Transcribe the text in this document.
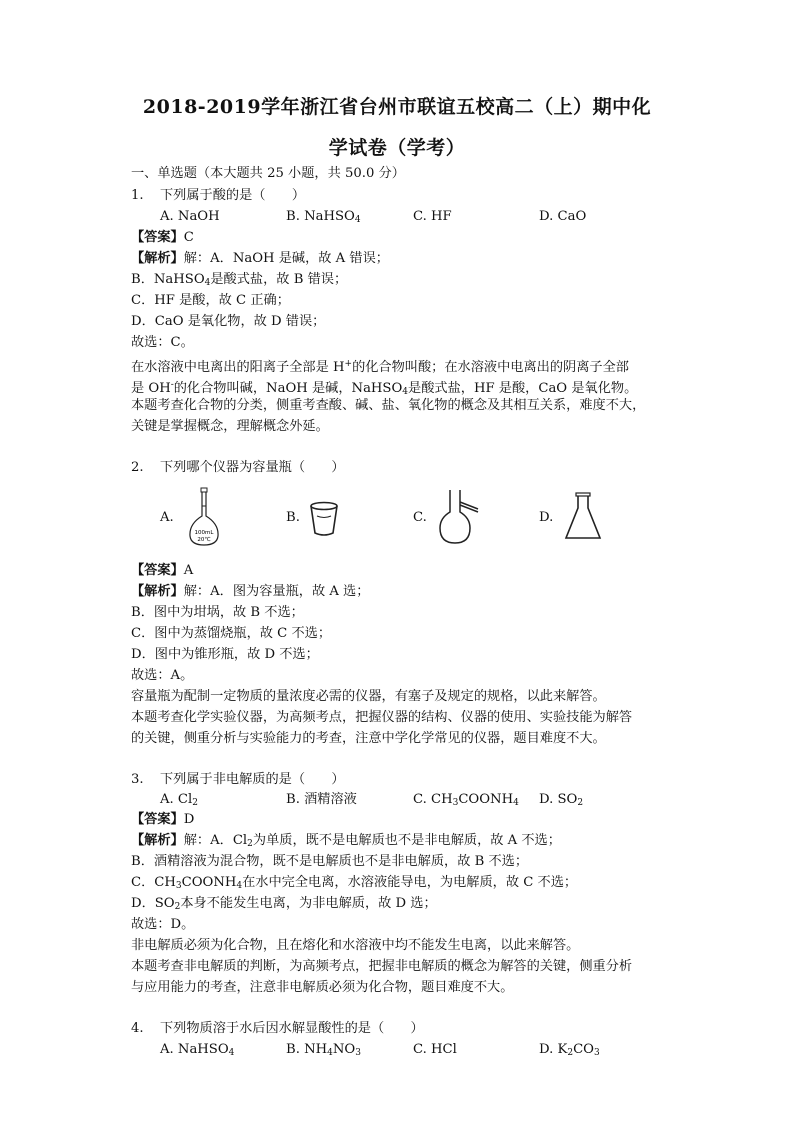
2018-2019学年浙江省台州市联谊五校高二（上）期中化
学试卷（学考）
一、单选题（本大题共 25 小题，共 50.0 分）
1. 下列属于酸的是（　　）
A. NaOH	B. NaHSO$_4$	C. HF	D. CaO
【答案】C
【解析】解：A．NaOH 是碱，故 A 错误；
B．NaHSO$_4$是酸式盐，故 B 错误；
C．HF 是酸，故 C 正确；
D．CaO 是氧化物，故 D 错误；
故选：C。
在水溶液中电离出的阳离子全部是 H+的化合物叫酸；在水溶液中电离出的阴离子全部
是 OH-的化合物叫碱，NaOH 是碱，NaHSO$_4$是酸式盐，HF 是酸，CaO 是氧化物。
本题考查化合物的分类，侧重考查酸、碱、盐、氧化物的概念及其相互关系，难度不大，
关键是掌握概念，理解概念外延。
2. 下列哪个仪器为容量瓶（　　）
A.
100mL
20℃
B.	C.	D.
【答案】A
【解析】解：A．图为容量瓶，故 A 选；
B．图中为坩埚，故 B 不选；
C．图中为蒸馏烧瓶，故 C 不选；
D．图中为锥形瓶，故 D 不选；
故选：A。
容量瓶为配制一定物质的量浓度必需的仪器，有塞子及规定的规格，以此来解答。
本题考查化学实验仪器，为高频考点，把握仪器的结构、仪器的使用、实验技能为解答
的关键，侧重分析与实验能力的考查，注意中学化学常见的仪器，题目难度不大。
3. 下列属于非电解质的是（　　）
A. $Cl_2$	B. 酒精溶液	C. $CH_3COONH_4$ D. $SO_2$
【答案】D
【解析】解：A．$Cl_2$为单质，既不是电解质也不是非电解质，故 A 不选；
B．酒精溶液为混合物，既不是电解质也不是非电解质，故 B 不选；
C．$CH_3COONH_4$在水中完全电离，水溶液能导电，为电解质，故 C 不选；
D．$SO_2$本身不能发生电离，为非电解质，故 D 选；
故选：D。
非电解质必须为化合物，且在熔化和水溶液中均不能发生电离，以此来解答。
本题考查非电解质的判断，为高频考点，把握非电解质的概念为解答的关键，侧重分析
与应用能力的考查，注意非电解质必须为化合物，题目难度不大。
4. 下列物质溶于水后因水解显酸性的是（　　）
A. NaHSO$_4$	B. $NH_4NO_3$	C. HCl	D. $K_2CO_3$
